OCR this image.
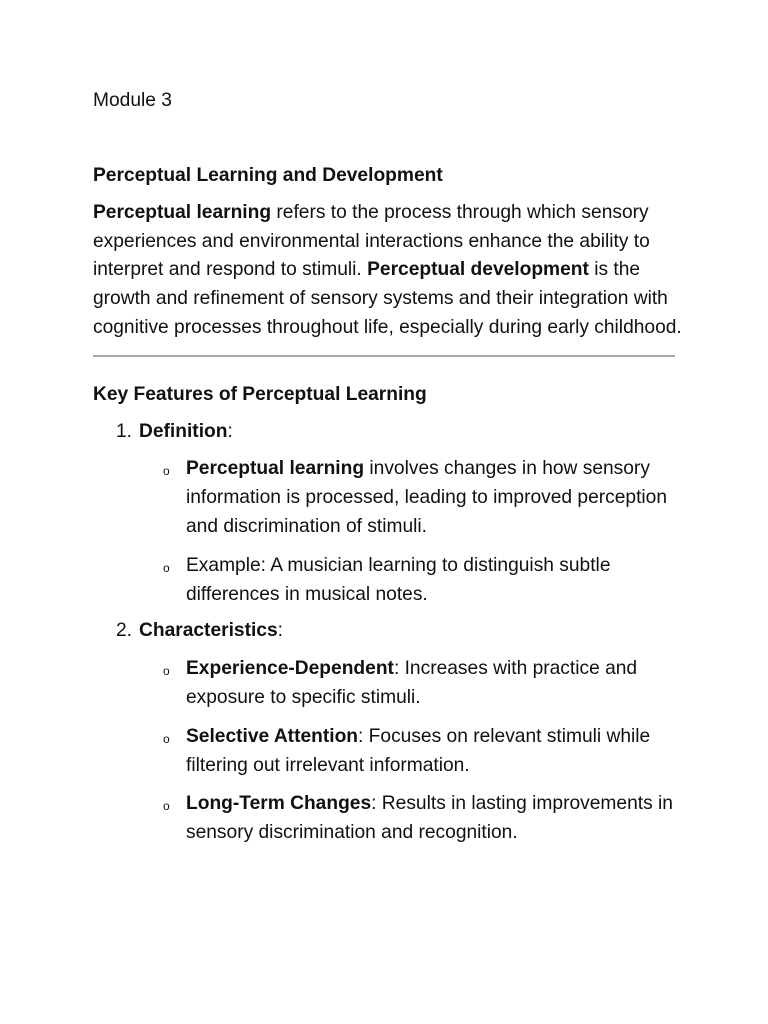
Module 3

Perceptual Learning and Development

Perceptual learning refers to the process through which sensory experiences and environmental interactions enhance the ability to interpret and respond to stimuli. Perceptual development is the growth and refinement of sensory systems and their integration with cognitive processes throughout life, especially during early childhood.

Key Features of Perceptual Learning

1. Definition:
o Perceptual learning involves changes in how sensory information is processed, leading to improved perception and discrimination of stimuli.
o Example: A musician learning to distinguish subtle differences in musical notes.
2. Characteristics:
o Experience-Dependent: Increases with practice and exposure to specific stimuli.
o Selective Attention: Focuses on relevant stimuli while filtering out irrelevant information.
o Long-Term Changes: Results in lasting improvements in sensory discrimination and recognition.
